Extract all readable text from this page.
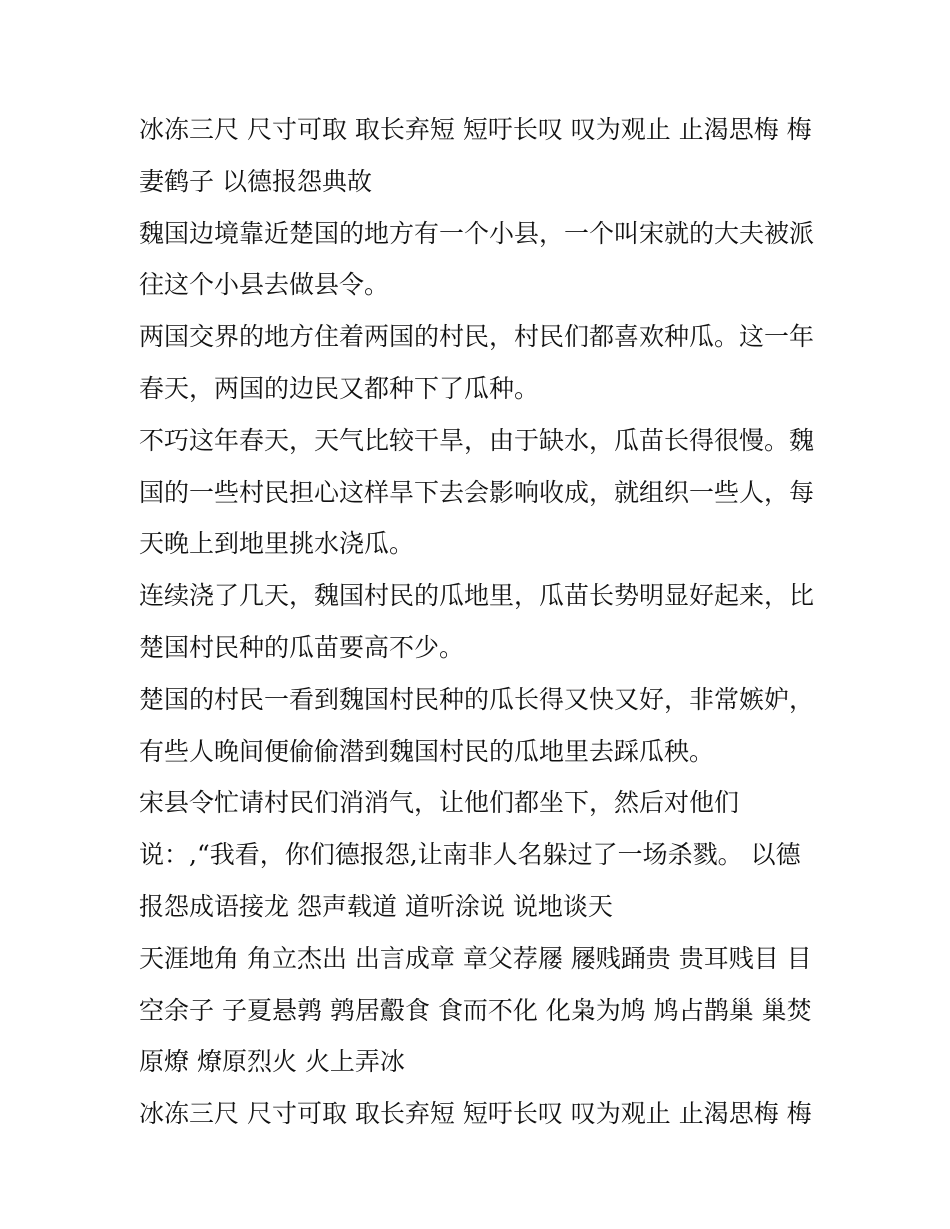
冰冻三尺 尺寸可取 取长弃短 短吁长叹 叹为观止 止渴思梅 梅妻鹤子 以德报怨典故

魏国边境靠近楚国的地方有一个小县，一个叫宋就的大夫被派往这个小县去做县令。

两国交界的地方住着两国的村民，村民们都喜欢种瓜。这一年春天，两国的边民又都种下了瓜种。

不巧这年春天，天气比较干旱，由于缺水，瓜苗长得很慢。魏国的一些村民担心这样旱下去会影响收成，就组织一些人，每天晚上到地里挑水浇瓜。

连续浇了几天，魏国村民的瓜地里，瓜苗长势明显好起来，比楚国村民种的瓜苗要高不少。

楚国的村民一看到魏国村民种的瓜长得又快又好，非常嫉妒，有些人晚间便偷偷潜到魏国村民的瓜地里去踩瓜秧。

宋县令忙请村民们消消气，让他们都坐下，然后对他们

说：,“我看，你们德报怨,让南非人名躲过了一场杀戮。 以德报怨成语接龙 怨声载道 道听涂说 说地谈天

天涯地角 角立杰出 出言成章 章父荐屦 屦贱踊贵 贵耳贱目 目空余子 子夏悬鹑 鹑居鷇食 食而不化 化枭为鸠 鸠占鹊巢 巢焚原燎 燎原烈火 火上弄冰

冰冻三尺 尺寸可取 取长弃短 短吁长叹 叹为观止 止渴思梅 梅
